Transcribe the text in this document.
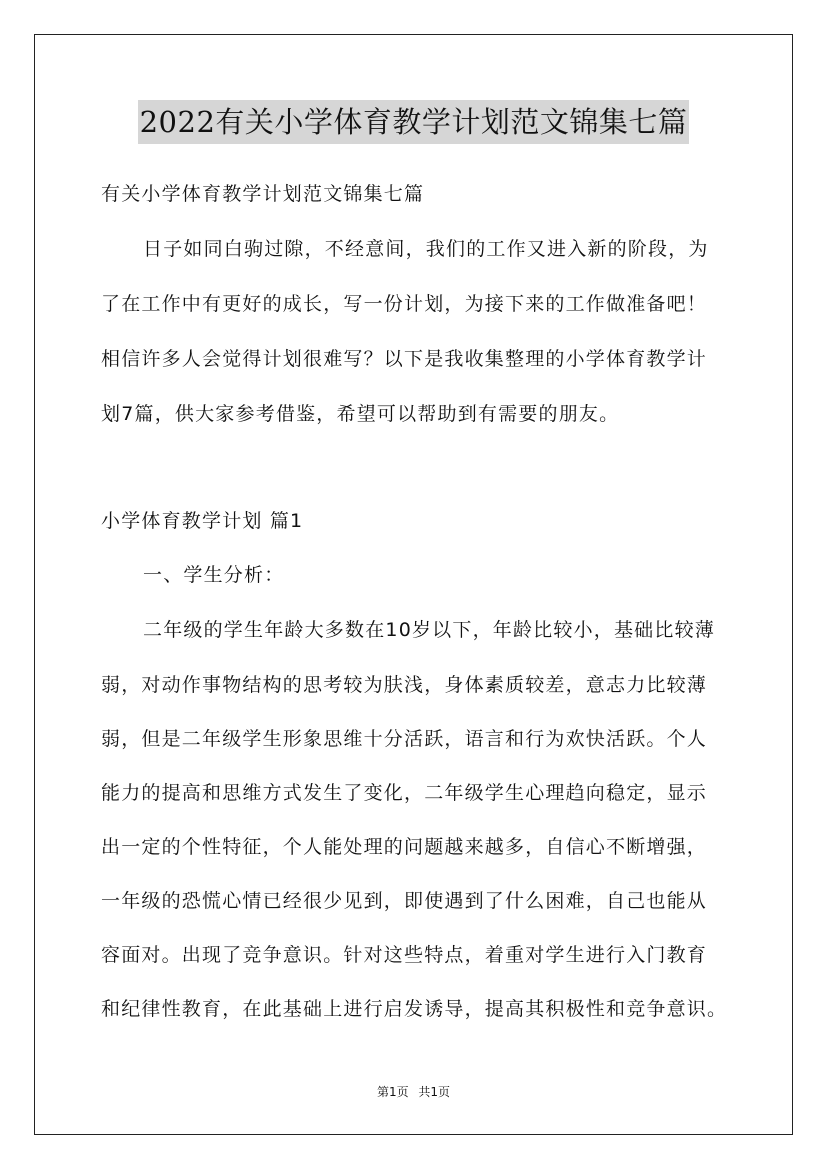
2022有关小学体育教学计划范文锦集七篇
有关小学体育教学计划范文锦集七篇
日子如同白驹过隙，不经意间，我们的工作又进入新的阶段，为
了在工作中有更好的成长，写一份计划，为接下来的工作做准备吧！
相信许多人会觉得计划很难写？以下是我收集整理的小学体育教学计
划7篇，供大家参考借鉴，希望可以帮助到有需要的朋友。
小学体育教学计划 篇1
一、学生分析：
二年级的学生年龄大多数在10岁以下，年龄比较小，基础比较薄
弱，对动作事物结构的思考较为肤浅，身体素质较差，意志力比较薄
弱，但是二年级学生形象思维十分活跃，语言和行为欢快活跃。个人
能力的提高和思维方式发生了变化，二年级学生心理趋向稳定，显示
出一定的个性特征，个人能处理的问题越来越多，自信心不断增强，
一年级的恐慌心情已经很少见到，即使遇到了什么困难，自己也能从
容面对。出现了竞争意识。针对这些特点，着重对学生进行入门教育
和纪律性教育，在此基础上进行启发诱导，提高其积极性和竞争意识。
第1页 共1页
